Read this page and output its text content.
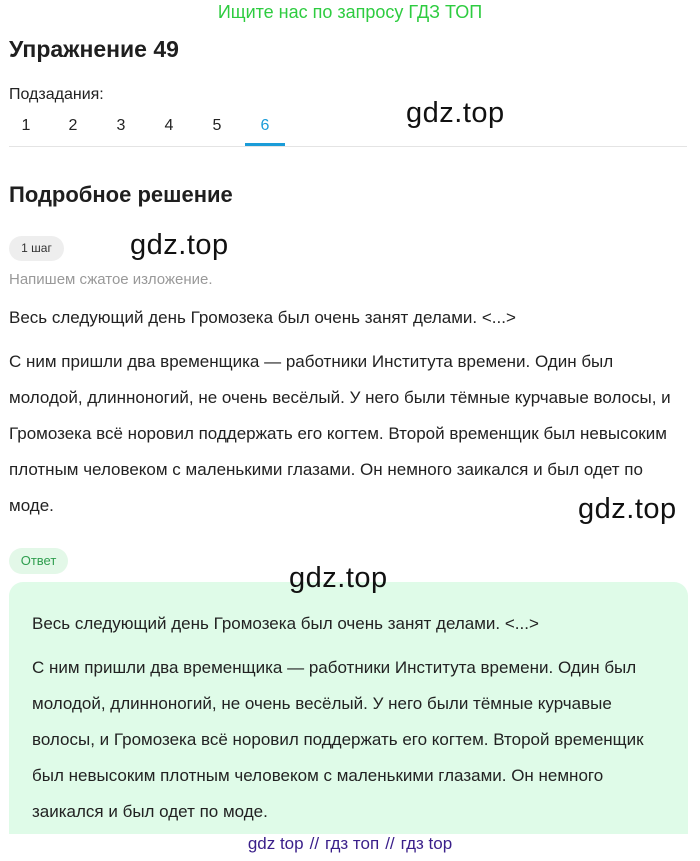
Ищите нас по запросу ГДЗ ТОП
Упражнение 49
Подзадания:
1	2	3	4	5	6	gdz.top
Подробное решение
1 шаг	gdz.top
Напишем сжатое изложение.

Весь следующий день Громозека был очень занят делами. <...>

С ним пришли два временщика — работники Института времени. Один был молодой, длинноногий, не очень весёлый. У него были тёмные курчавые волосы, и Громозека всё норовил поддержать его когтем. Второй временщик был невысоким плотным человеком с маленькими глазами. Он немного заикался и был одет по моде.	gdz.top
Ответ
gdz.top

Весь следующий день Громозека был очень занят делами. <...>

С ним пришли два временщика — работники Института времени. Один был молодой, длинноногий, не очень весёлый. У него были тёмные курчавые волосы, и Громозека всё норовил поддержать его когтем. Второй временщик был невысоким плотным человеком с маленькими глазами. Он немного заикался и был одет по моде.

gdz top // гдз топ // гдз top
